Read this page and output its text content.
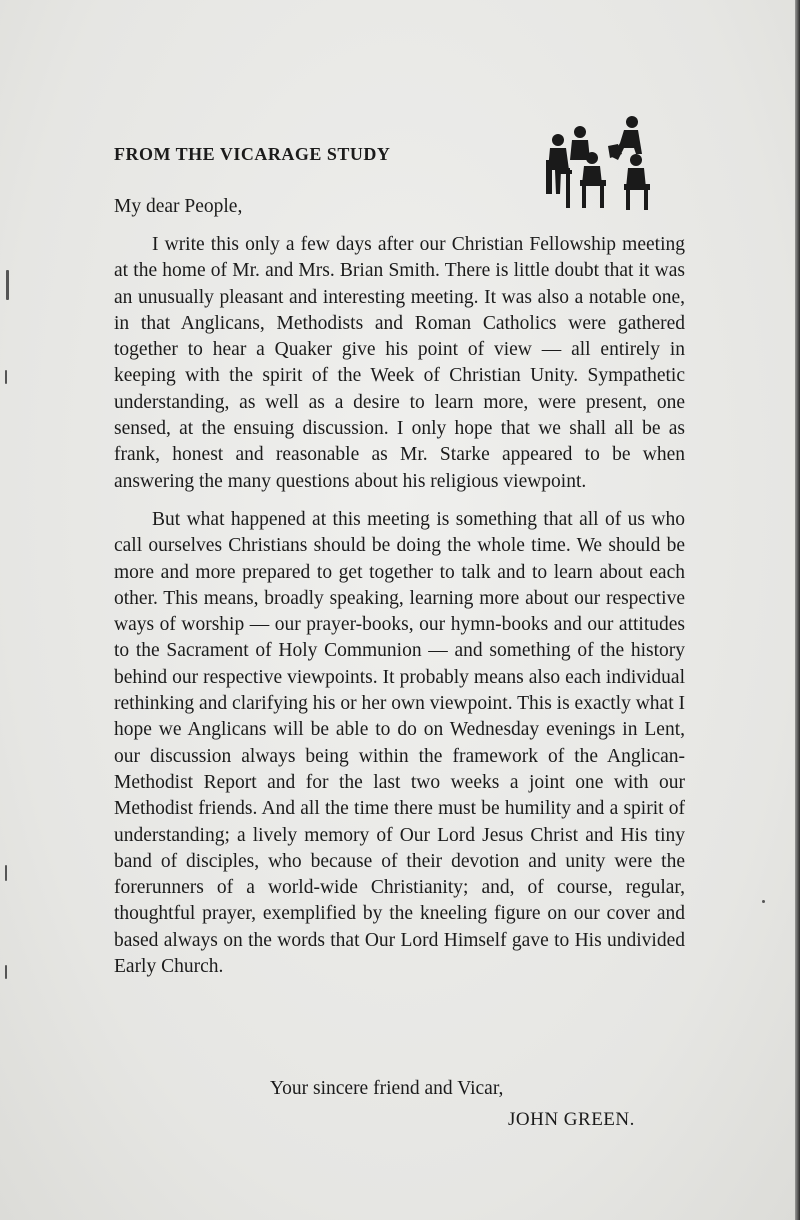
FROM THE VICARAGE STUDY

My dear People,

I write this only a few days after our Christian Fellowship meeting at the home of Mr. and Mrs. Brian Smith. There is little doubt that it was an unusually pleasant and interesting meeting. It was also a notable one, in that Anglicans, Methodists and Roman Catholics were gathered together to hear a Quaker give his point of view — all entirely in keeping with the spirit of the Week of Christian Unity. Sympathetic understanding, as well as a desire to learn more, were present, one sensed, at the ensuing discussion. I only hope that we shall all be as frank, honest and reasonable as Mr. Starke appeared to be when answering the many questions about his religious viewpoint.

But what happened at this meeting is something that all of us who call ourselves Christians should be doing the whole time. We should be more and more prepared to get together to talk and to learn about each other. This means, broadly speaking, learning more about our respective ways of worship — our prayer-books, our hymn-books and our attitudes to the Sacrament of Holy Communion — and something of the history behind our respective viewpoints. It probably means also each individual rethinking and clarifying his or her own viewpoint. This is exactly what I hope we Anglicans will be able to do on Wednesday evenings in Lent, our discussion always being within the framework of the Anglican-Methodist Report and for the last two weeks a joint one with our Methodist friends. And all the time there must be humility and a spirit of understanding; a lively memory of Our Lord Jesus Christ and His tiny band of disciples, who because of their devotion and unity were the forerunners of a world-wide Christianity; and, of course, regular, thoughtful prayer, exemplified by the kneeling figure on our cover and based always on the words that Our Lord Himself gave to His undivided Early Church.

Your sincere friend and Vicar,

JOHN GREEN.
